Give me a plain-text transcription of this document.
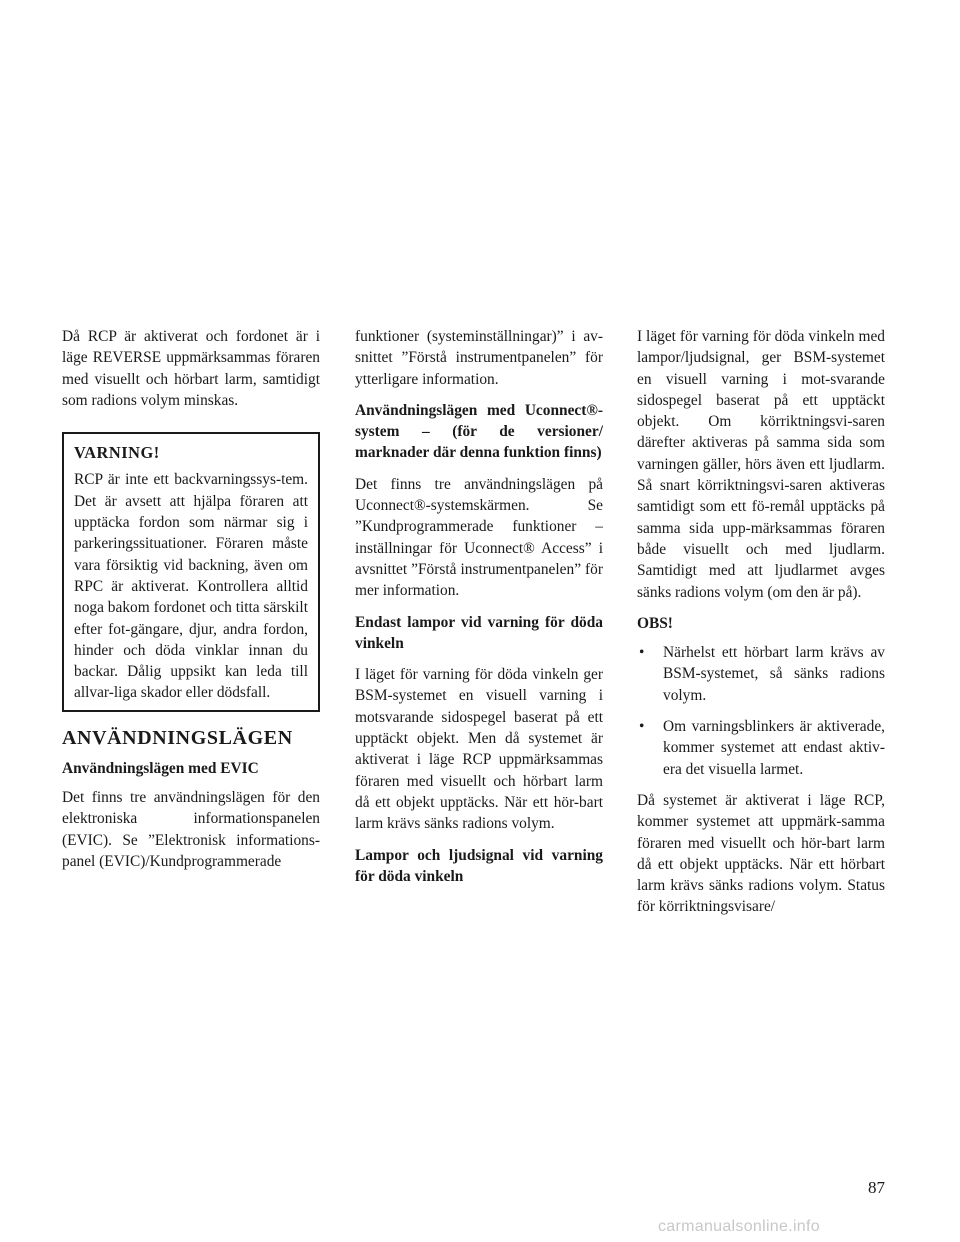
Då RCP är aktiverat och fordonet är i läge REVERSE uppmärksammas föraren med visuellt och hörbart larm, samtidigt som radions volym minskas.

VARNING!

RCP är inte ett backvarningssys-tem. Det är avsett att hjälpa föraren att upptäcka fordon som närmar sig i parkeringssituationer. Föraren måste vara försiktig vid backning, även om RPC är aktiverat. Kontrollera alltid noga bakom fordonet och titta särskilt efter fot-gängare, djur, andra fordon, hinder och döda vinklar innan du backar. Dålig uppsikt kan leda till allvar-liga skador eller dödsfall.

ANVÄNDNINGSLÄGEN
Användningslägen med EVIC

Det finns tre användningslägen för den elektroniska informationspanelen (EVIC). Se ”Elektronisk informations-panel (EVIC)/Kundprogrammerade

funktioner (systeminställningar)” i av-snittet ”Förstå instrumentpanelen” för ytterligare information.

Användningslägen med Uconnect®-system – (för de versioner/ marknader där denna funktion finns)

Det finns tre användningslägen på Uconnect®-systemskärmen. Se ”Kundprogrammerade funktioner – inställningar för Uconnect® Access” i avsnittet ”Förstå instrumentpanelen” för mer information.

Endast lampor vid varning för döda vinkeln

I läget för varning för döda vinkeln ger BSM-systemet en visuell varning i motsvarande sidospegel baserat på ett upptäckt objekt. Men då systemet är aktiverat i läge RCP uppmärksammas föraren med visuellt och hörbart larm då ett objekt upptäcks. När ett hör-bart larm krävs sänks radions volym.

Lampor och ljudsignal vid varning för döda vinkeln

I läget för varning för döda vinkeln med lampor/ljudsignal, ger BSM-systemet en visuell varning i mot-svarande sidospegel baserat på ett upptäckt objekt. Om körriktningsvi-saren därefter aktiveras på samma sida som varningen gäller, hörs även ett ljudlarm. Så snart körriktningsvi-saren aktiveras samtidigt som ett fö-remål upptäcks på samma sida upp-märksammas föraren både visuellt och med ljudlarm. Samtidigt med att ljudlarmet avges sänks radions volym (om den är på).

OBS!
• Närhelst ett hörbart larm krävs av BSM-systemet, så sänks radions volym.
• Om varningsblinkers är aktiverade, kommer systemet att endast aktiv-era det visuella larmet.

Då systemet är aktiverat i läge RCP, kommer systemet att uppmärk-samma föraren med visuellt och hör-bart larm då ett objekt upptäcks. När ett hörbart larm krävs sänks radions volym. Status för körriktningsvisare/

87
carmanualsonline.info
